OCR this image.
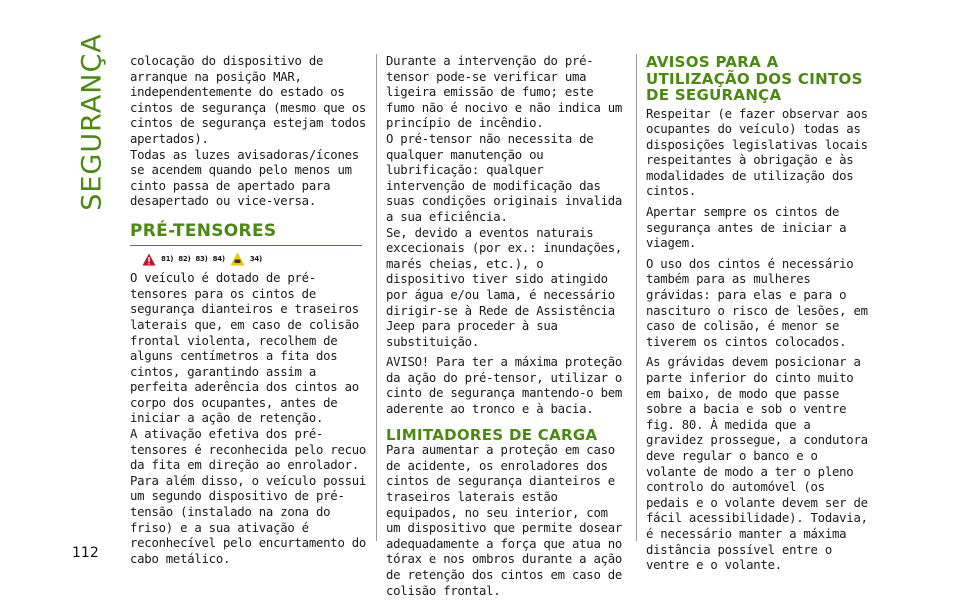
SEGURANÇA colocação do dispositivo de arranque na posição MAR, independentemente do estado os cintos de segurança (mesmo que os cintos de segurança estejam todos apertados).

Todas as luzes avisadoras/ícones se acendem quando pelo menos um cinto passa de apertado para desapertado ou vice-versa.

PRÉ-TENSORES
81) 82) 83) 84)	34)

O veículo é dotado de pré-tensores para os cintos de segurança dianteiros e traseiros laterais que, em caso de colisão frontal violenta, recolhem de alguns centímetros a fita dos cintos, garantindo assim a perfeita aderência dos cintos ao corpo dos ocupantes, antes de iniciar a ação de retenção.

A ativação efetiva dos pré-tensores é reconhecida pelo recuo da fita em direção ao enrolador.

Para além disso, o veículo possui um segundo dispositivo de pré-tensão (instalado na zona do friso) e a sua ativação é reconhecível pelo encurtamento do cabo metálico.

Durante a intervenção do pré-tensor pode-se verificar uma ligeira emissão de fumo; este fumo não é nocivo e não indica um princípio de incêndio.

O pré-tensor não necessita de qualquer manutenção ou lubrificação: qualquer intervenção de modificação das suas condições originais invalida a sua eficiência.

Se, devido a eventos naturais excecionais (por ex.: inundações, marés cheias, etc.), o dispositivo tiver sido atingido por água e/ou lama, é necessário dirigir-se à Rede de Assistência Jeep para proceder à sua substituição.

AVISO! Para ter a máxima proteção da ação do pré-tensor, utilizar o cinto de segurança mantendo-o bem aderente ao tronco e à bacia.

LIMITADORES DE CARGA

Para aumentar a proteção em caso de acidente, os enroladores dos cintos de segurança dianteiros e traseiros laterais estão equipados, no seu interior, com um dispositivo que permite dosear adequadamente a força que atua no tórax e nos ombros durante a ação de retenção dos cintos em caso de colisão frontal.

AVISOS PARA A UTILIZAÇÃO DOS CINTOS DE SEGURANÇA

Respeitar (e fazer observar aos ocupantes do veículo) todas as disposições legislativas locais respeitantes à obrigação e às modalidades de utilização dos cintos.

Apertar sempre os cintos de segurança antes de iniciar a viagem.

O uso dos cintos é necessário também para as mulheres grávidas: para elas e para o nascituro o risco de lesões, em caso de colisão, é menor se tiverem os cintos colocados.

As grávidas devem posicionar a parte inferior do cinto muito em baixo, de modo que passe sobre a bacia e sob o ventre fig. 80. À medida que a gravidez prossegue, a condutora deve regular o banco e o volante de modo a ter o pleno controlo do automóvel (os pedais e o volante devem ser de fácil acessibilidade). Todavia, é necessário manter a máxima distância possível entre o ventre e o volante.

112
